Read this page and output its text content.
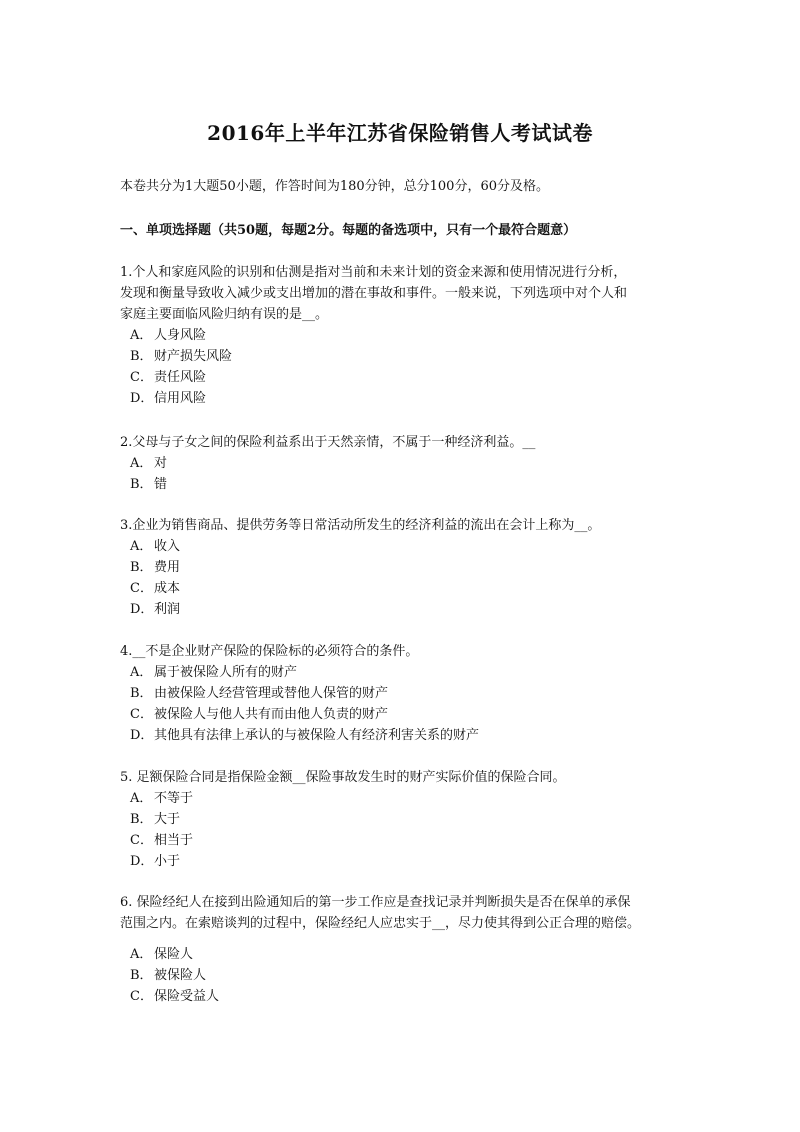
2016年上半年江苏省保险销售人考试试卷
本卷共分为1大题50小题，作答时间为180分钟，总分100分，60分及格。
一、单项选择题（共50题，每题2分。每题的备选项中，只有一个最符合题意）
1.个人和家庭风险的识别和估测是指对当前和未来计划的资金来源和使用情况进行分析，
发现和衡量导致收入减少或支出增加的潜在事故和事件。一般来说，下列选项中对个人和
家庭主要面临风险归纳有误的是__。
A． 人身风险
B．财产损失风险
C．责任风险
D．信用风险
2.父母与子女之间的保险利益系出于天然亲情，不属于一种经济利益。__
A． 对
B．错
3.企业为销售商品、提供劳务等日常活动所发生的经济利益的流出在会计上称为__。
A． 收入
B．费用
C．成本
D．利润
4.__不是企业财产保险的保险标的必须符合的条件。
A． 属于被保险人所有的财产
B．由被保险人经营管理或替他人保管的财产
C．被保险人与他人共有而由他人负责的财产
D．其他具有法律上承认的与被保险人有经济利害关系的财产
5. 足额保险合同是指保险金额__保险事故发生时的财产实际价值的保险合同。
A． 不等于
B．大于
C．相当于
D．小于
6. 保险经纪人在接到出险通知后的第一步工作应是查找记录并判断损失是否在保单的承保
范围之内。在索赔谈判的过程中，保险经纪人应忠实于__，尽力使其得到公正合理的赔偿。
A． 保险人
B．被保险人
C．保险受益人
